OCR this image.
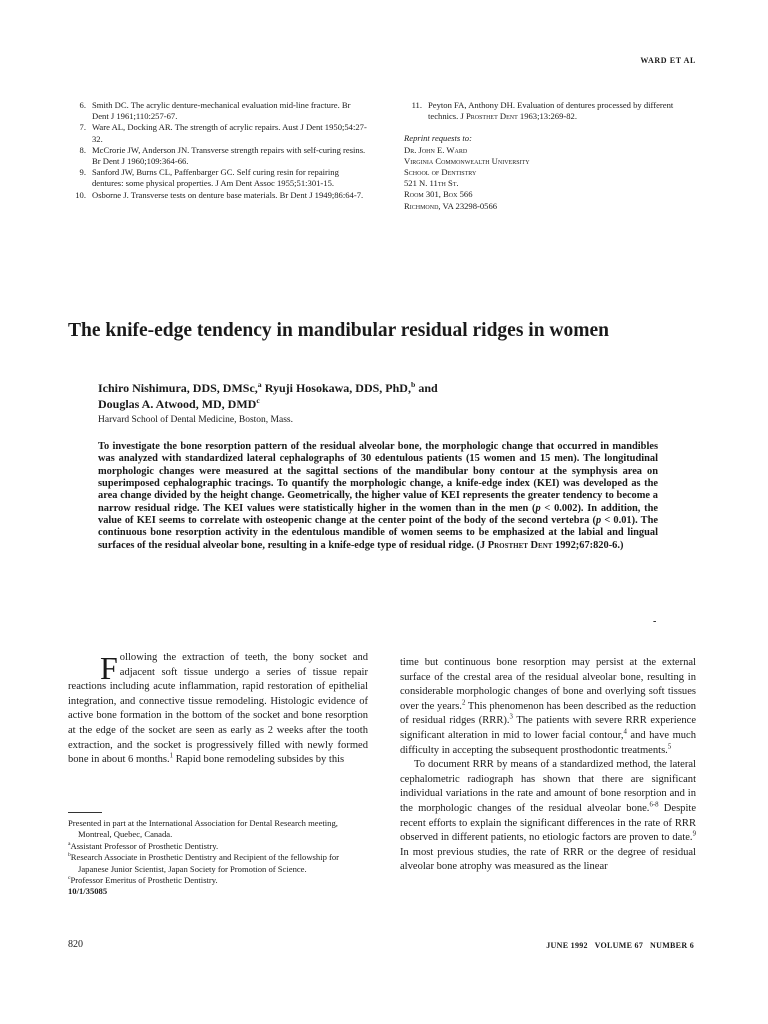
WARD ET AL
6. Smith DC. The acrylic denture-mechanical evaluation mid-line fracture. Br Dent J 1961;110:257-67.
7. Ware AL, Docking AR. The strength of acrylic repairs. Aust J Dent 1950;54:27-32.
8. McCrorie JW, Anderson JN. Transverse strength repairs with self-curing resins. Br Dent J 1960;109:364-66.
9. Sanford JW, Burns CL, Paffenbarger GC. Self curing resin for repairing dentures: some physical properties. J Am Dent Assoc 1955;51:301-15.
10. Osborne J. Transverse tests on denture base materials. Br Dent J 1949;86:64-7.
11. Peyton FA, Anthony DH. Evaluation of dentures processed by different technics. J Prosthet Dent 1963;13:269-82.
Reprint requests to:
Dr. John E. Ward
Virginia Commonwealth University
School of Dentistry
521 N. 11th St.
Room 301, Box 566
Richmond, VA 23298-0566
The knife-edge tendency in mandibular residual ridges in women
Ichiro Nishimura, DDS, DMSc,$^a$ Ryuji Hosokawa, DDS, PhD,$^b$ and
Douglas A. Atwood, MD, DMD$^c$
Harvard School of Dental Medicine, Boston, Mass.
To investigate the bone resorption pattern of the residual alveolar bone, the morphologic change that occurred in mandibles was analyzed with standardized lateral cephalographs of 30 edentulous patients (15 women and 15 men). The longitudinal morphologic changes were measured at the sagittal sections of the mandibular bony contour at the symphysis area on superimposed cephalographic tracings. To quantify the morphologic change, a knife-edge index (KEI) was developed as the area change divided by the height change. Geometrically, the higher value of KEI represents the greater tendency to become a narrow residual ridge. The KEI values were statistically higher in the women than in the men (p < 0.002). In addition, the value of KEI seems to correlate with osteopenic change at the center point of the body of the second vertebra (p < 0.01). The continuous bone resorption activity in the edentulous mandible of women seems to be emphasized at the labial and lingual surfaces of the residual alveolar bone, resulting in a knife-edge type of residual ridge. (J Prosthet Dent 1992;67:820-6.)
-

Following the extraction of teeth, the bony socket and adjacent soft tissue undergo a series of tissue repair reactions including acute inflammation, rapid restoration of epithelial integration, and connective tissue remodeling. Histologic evidence of active bone formation in the bottom of the socket and bone resorption at the edge of the socket are seen as early as 2 weeks after the tooth extraction, and the socket is progressively filled with newly formed bone in about 6 months.$^1$ Rapid bone remodeling subsides by this

Presented in part at the International Association for Dental Research meeting, Montreal, Quebec, Canada.
$^a$Assistant Professor of Prosthetic Dentistry.
$^b$Research Associate in Prosthetic Dentistry and Recipient of the fellowship for Japanese Junior Scientist, Japan Society for Promotion of Science.
$^c$Professor Emeritus of Prosthetic Dentistry.
10/1/35085

time but continuous bone resorption may persist at the external surface of the crestal area of the residual alveolar bone, resulting in considerable morphologic changes of bone and overlying soft tissues over the years.$^2$ This phenomenon has been described as the reduction of residual ridges (RRR).$^3$ The patients with severe RRR experience significant alteration in mid to lower facial contour,$^4$ and have much difficulty in accepting the subsequent prosthodontic treatments.$^5$

To document RRR by means of a standardized method, the lateral cephalometric radiograph has shown that there are significant individual variations in the rate and amount of bone resorption and in the morphologic changes of the residual alveolar bone.$^{6-8}$ Despite recent efforts to explain the significant differences in the rate of RRR observed in different patients, no etiologic factors are proven to date.$^9$ In most previous studies, the rate of RRR or the degree of residual alveolar bone atrophy was measured as the linear

820	JUNE 1992   VOLUME 67   NUMBER 6
